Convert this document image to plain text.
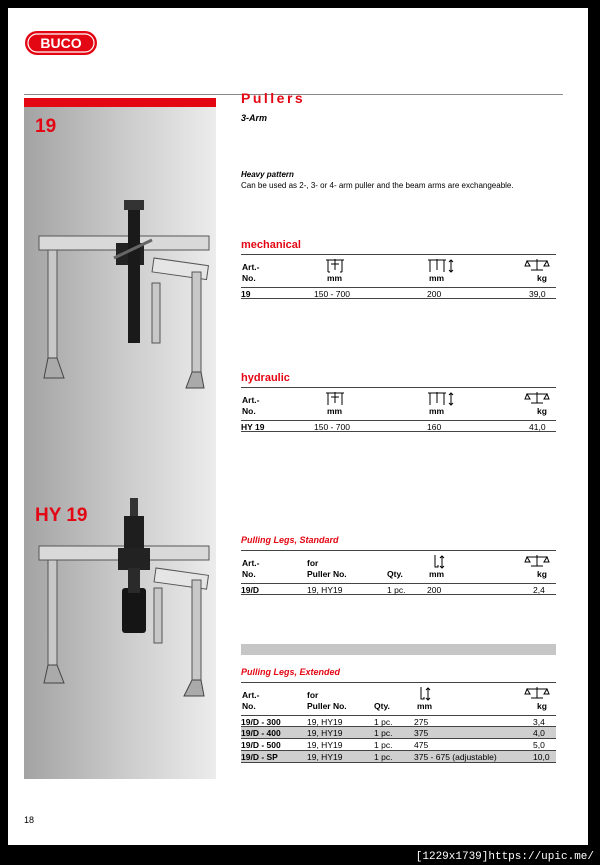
BUCO
19
HY 19
Pullers
3-Arm
Heavy pattern
Can be used as 2-, 3- or 4- arm puller and the beam arms are exchangeable.
mechanical
Art.-
No.	mm	mm	kg
19	150 - 700	200	39,0
hydraulic
Art.-
No.	mm	mm	kg
HY 19	150 - 700	160	41,0
Pulling Legs, Standard
Art.-
No.
for
Puller No.	Qty.	mm	kg
19/D	19, HY19	1 pc.	200	2,4
Pulling Legs, Extended
Art.-
No.
for
Puller No.	Qty.	mm	kg
19/D - 300	19, HY19	1 pc.	275	3,4
19/D - 400	19, HY19	1 pc.	375	4,0
19/D - 500	19, HY19	1 pc.	475	5,0
19/D - SP	19, HY19	1 pc.	375 - 675 (adjustable)	10,0
18
[1229x1739]https://upic.me/
